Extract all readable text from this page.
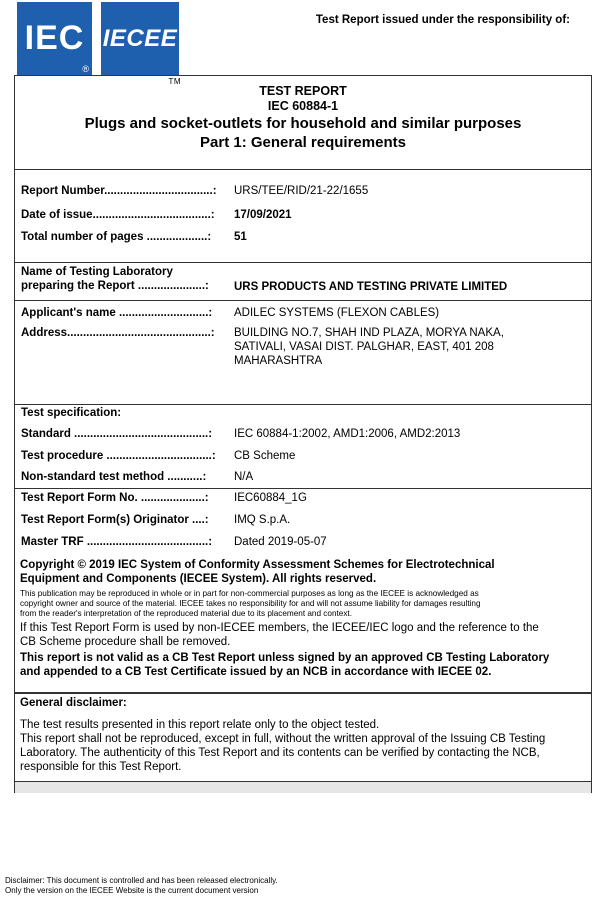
IEC
®
IECEE
TM
Test Report issued under the responsibility of:
TEST REPORT
IEC 60884-1
Plugs and socket-outlets for household and similar purposes
Part 1: General requirements
Report Number..................................: URS/TEE/RID/21-22/1655
Date of issue.....................................: 17/09/2021
Total number of pages ...................: 51
Name of Testing Laboratory
preparing the Report .....................: URS PRODUCTS AND TESTING PRIVATE LIMITED
Applicant's name ............................: ADILEC SYSTEMS (FLEXON CABLES)
Address.............................................: BUILDING NO.7, SHAH IND PLAZA, MORYA NAKA,
SATIVALI, VASAI DIST. PALGHAR, EAST, 401 208
MAHARASHTRA
Test specification:
Standard ..........................................: IEC 60884-1:2002, AMD1:2006, AMD2:2013
Test procedure .................................: CB Scheme
Non-standard test method ...........: N/A
Test Report Form No. ....................: IEC60884_1G
Test Report Form(s) Originator ....: IMQ S.p.A.
Master TRF ......................................: Dated 2019-05-07
Copyright © 2019 IEC System of Conformity Assessment Schemes for Electrotechnical
Equipment and Components (IECEE System). All rights reserved.
This publication may be reproduced in whole or in part for non-commercial purposes as long as the IECEE is acknowledged as
copyright owner and source of the material. IECEE takes no responsibility for and will not assume liability for damages resulting
from the reader's interpretation of the reproduced material due to its placement and context.
If this Test Report Form is used by non-IECEE members, the IECEE/IEC logo and the reference to the
CB Scheme procedure shall be removed.
This report is not valid as a CB Test Report unless signed by an approved CB Testing Laboratory
and appended to a CB Test Certificate issued by an NCB in accordance with IECEE 02.
General disclaimer:
The test results presented in this report relate only to the object tested.
This report shall not be reproduced, except in full, without the written approval of the Issuing CB Testing
Laboratory. The authenticity of this Test Report and its contents can be verified by contacting the NCB,
responsible for this Test Report.
Disclaimer: This document is controlled and has been released electronically.
Only the version on the IECEE Website is the current document version
